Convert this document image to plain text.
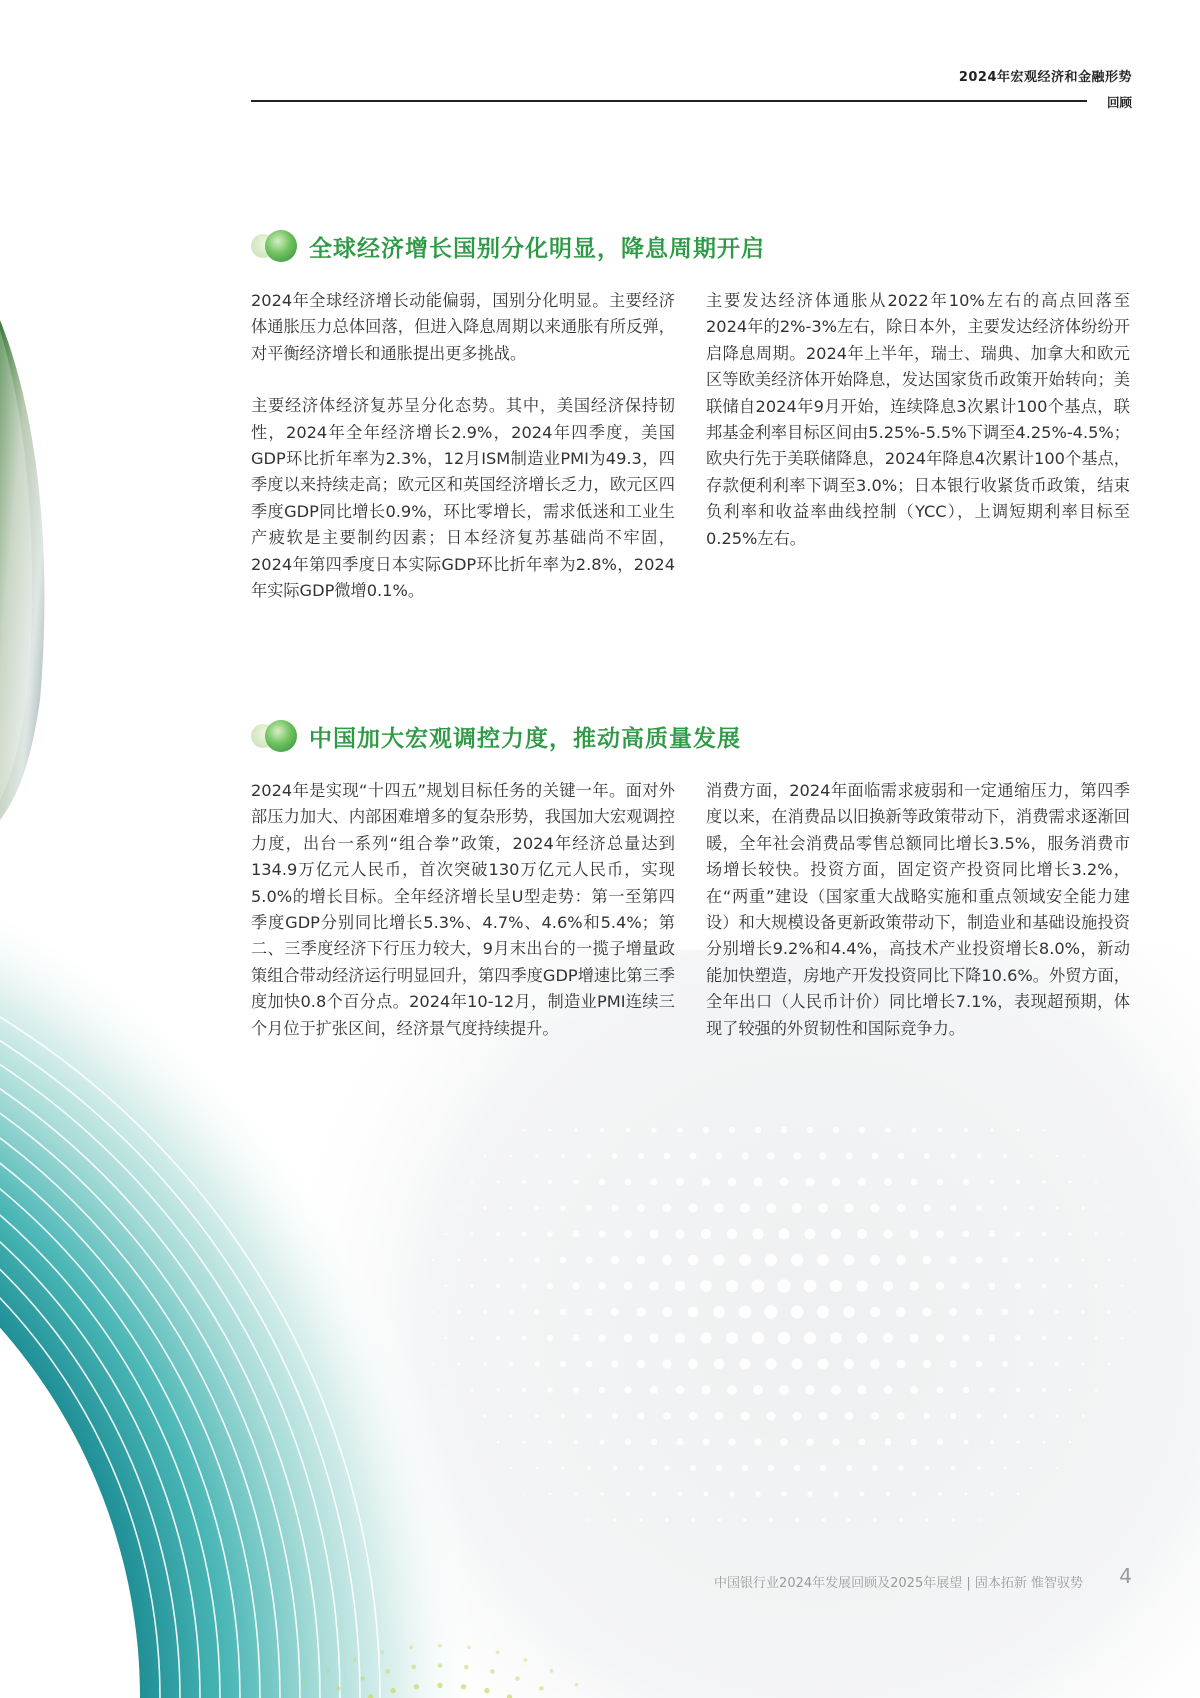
2024年宏观经济和金融形势
回顾
全球经济增长国别分化明显，降息周期开启

2024年全球经济增长动能偏弱，国别分化明显。主要经济体通胀压力总体回落，但进入降息周期以来通胀有所反弹，对平衡经济增长和通胀提出更多挑战。

主要经济体经济复苏呈分化态势。其中，美国经济保持韧性，2024年全年经济增长2.9%，2024年四季度，美国GDP环比折年率为2.3%，12月ISM制造业PMI为49.3，四季度以来持续走高；欧元区和英国经济增长乏力，欧元区四季度GDP同比增长0.9%，环比零增长，需求低迷和工业生产疲软是主要制约因素；日本经济复苏基础尚不牢固，2024年第四季度日本实际GDP环比折年率为2.8%，2024年实际GDP微增0.1%。

主要发达经济体通胀从2022年10%左右的高点回落至2024年的2%-3%左右，除日本外，主要发达经济体纷纷开启降息周期。2024年上半年，瑞士、瑞典、加拿大和欧元区等欧美经济体开始降息，发达国家货币政策开始转向；美联储自2024年9月开始，连续降息3次累计100个基点，联邦基金利率目标区间由5.25%-5.5%下调至4.25%-4.5%；欧央行先于美联储降息，2024年降息4次累计100个基点，存款便利利率下调至3.0%；日本银行收紧货币政策，结束负利率和收益率曲线控制（YCC），上调短期利率目标至0.25%左右。

中国加大宏观调控力度，推动高质量发展

2024年是实现“十四五”规划目标任务的关键一年。面对外部压力加大、内部困难增多的复杂形势，我国加大宏观调控力度，出台一系列“组合拳”政策，2024年经济总量达到134.9万亿元人民币，首次突破130万亿元人民币，实现5.0%的增长目标。全年经济增长呈U型走势：第一至第四季度GDP分别同比增长5.3%、4.7%、4.6%和5.4%；第二、三季度经济下行压力较大，9月末出台的一揽子增量政策组合带动经济运行明显回升，第四季度GDP增速比第三季度加快0.8个百分点。2024年10-12月，制造业PMI连续三个月位于扩张区间，经济景气度持续提升。

消费方面，2024年面临需求疲弱和一定通缩压力，第四季度以来，在消费品以旧换新等政策带动下，消费需求逐渐回暖，全年社会消费品零售总额同比增长3.5%，服务消费市场增长较快。投资方面，固定资产投资同比增长3.2%，在“两重”建设（国家重大战略实施和重点领域安全能力建设）和大规模设备更新政策带动下，制造业和基础设施投资分别增长9.2%和4.4%，高技术产业投资增长8.0%，新动能加快塑造，房地产开发投资同比下降10.6%。外贸方面，全年出口（人民币计价）同比增长7.1%，表现超预期，体现了较强的外贸韧性和国际竞争力。

中国银行业2024年发展回顾及2025年展望 | 固本拓新 惟智驭势 4
